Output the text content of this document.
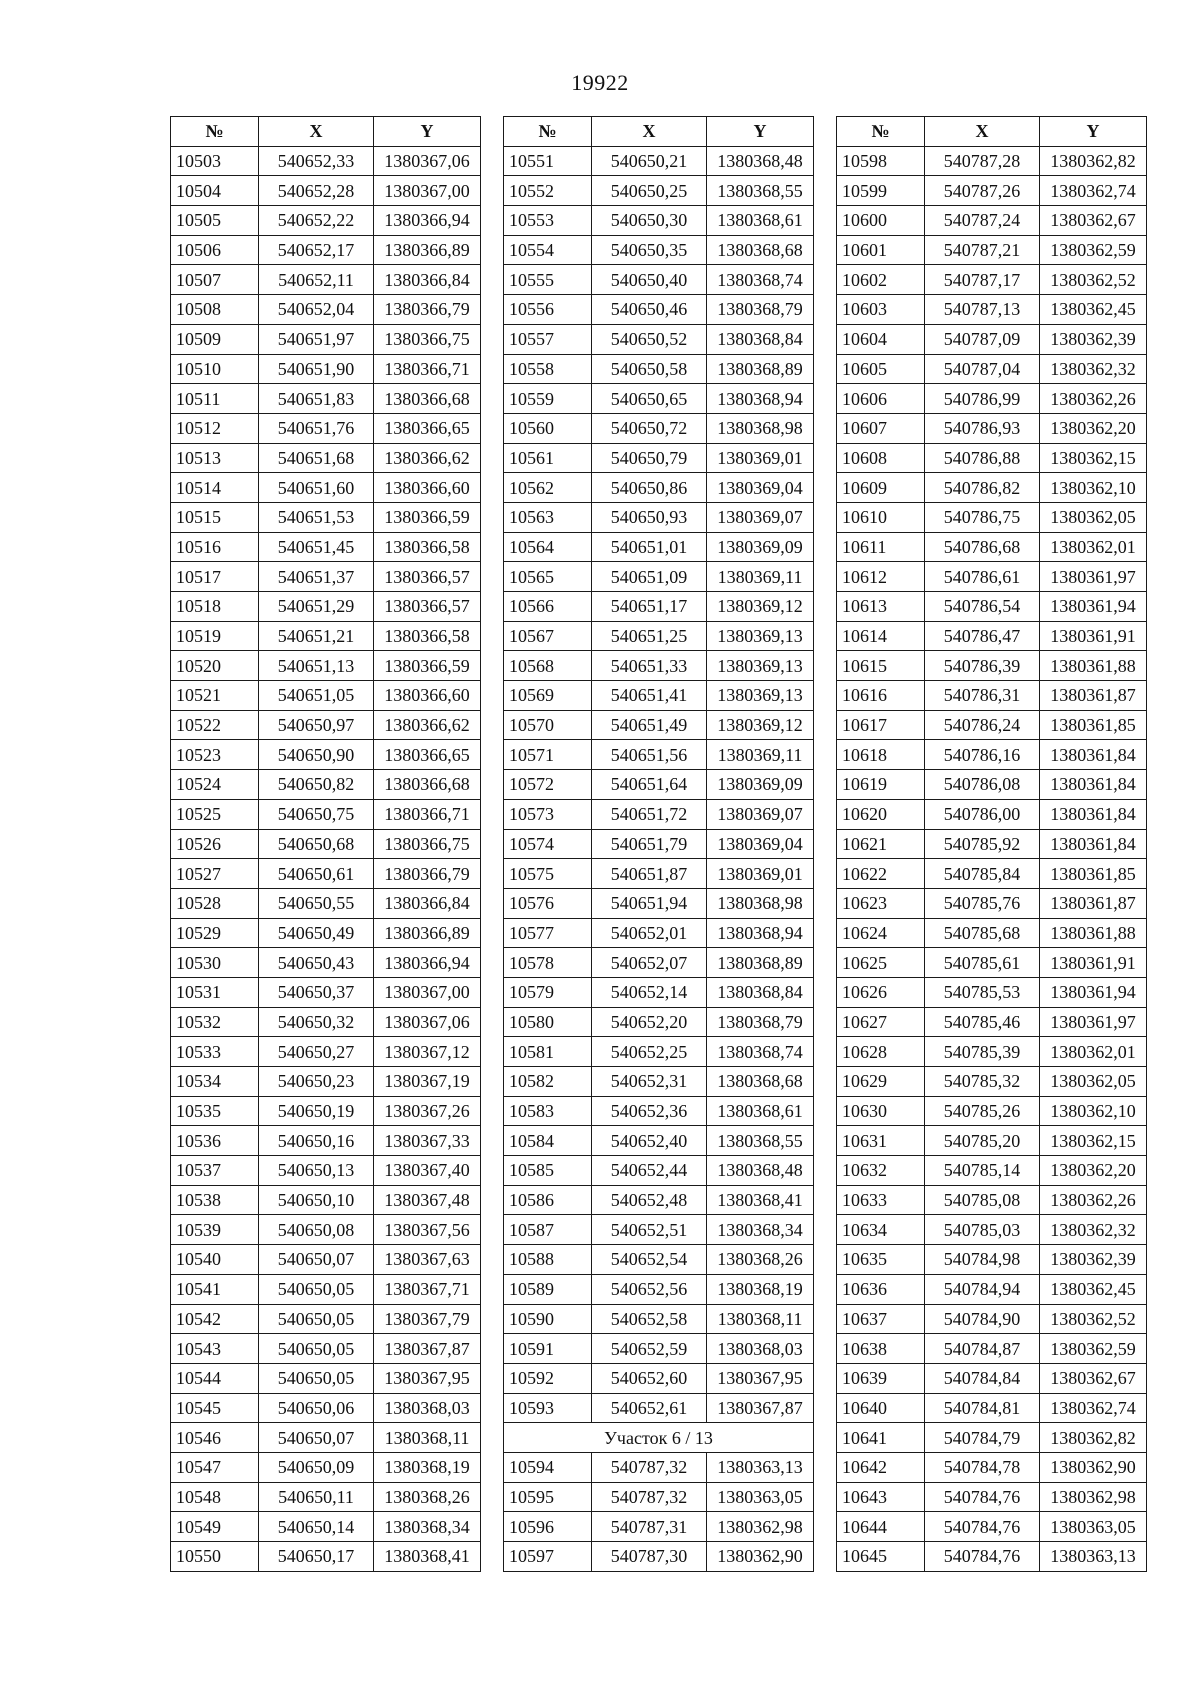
19922
№	X	Y
10503	540652,33	1380367,06
10504	540652,28	1380367,00
10505	540652,22	1380366,94
10506	540652,17	1380366,89
10507	540652,11	1380366,84
10508	540652,04	1380366,79
10509	540651,97	1380366,75
10510	540651,90	1380366,71
10511	540651,83	1380366,68
10512	540651,76	1380366,65
10513	540651,68	1380366,62
10514	540651,60	1380366,60
10515	540651,53	1380366,59
10516	540651,45	1380366,58
10517	540651,37	1380366,57
10518	540651,29	1380366,57
10519	540651,21	1380366,58
10520	540651,13	1380366,59
10521	540651,05	1380366,60
10522	540650,97	1380366,62
10523	540650,90	1380366,65
10524	540650,82	1380366,68
10525	540650,75	1380366,71
10526	540650,68	1380366,75
10527	540650,61	1380366,79
10528	540650,55	1380366,84
10529	540650,49	1380366,89
10530	540650,43	1380366,94
10531	540650,37	1380367,00
10532	540650,32	1380367,06
10533	540650,27	1380367,12
10534	540650,23	1380367,19
10535	540650,19	1380367,26
10536	540650,16	1380367,33
10537	540650,13	1380367,40
10538	540650,10	1380367,48
10539	540650,08	1380367,56
10540	540650,07	1380367,63
10541	540650,05	1380367,71
10542	540650,05	1380367,79
10543	540650,05	1380367,87
10544	540650,05	1380367,95
10545	540650,06	1380368,03
10546	540650,07	1380368,11
10547	540650,09	1380368,19
10548	540650,11	1380368,26
10549	540650,14	1380368,34
10550	540650,17	1380368,41
№	X	Y
10551	540650,21	1380368,48
10552	540650,25	1380368,55
10553	540650,30	1380368,61
10554	540650,35	1380368,68
10555	540650,40	1380368,74
10556	540650,46	1380368,79
10557	540650,52	1380368,84
10558	540650,58	1380368,89
10559	540650,65	1380368,94
10560	540650,72	1380368,98
10561	540650,79	1380369,01
10562	540650,86	1380369,04
10563	540650,93	1380369,07
10564	540651,01	1380369,09
10565	540651,09	1380369,11
10566	540651,17	1380369,12
10567	540651,25	1380369,13
10568	540651,33	1380369,13
10569	540651,41	1380369,13
10570	540651,49	1380369,12
10571	540651,56	1380369,11
10572	540651,64	1380369,09
10573	540651,72	1380369,07
10574	540651,79	1380369,04
10575	540651,87	1380369,01
10576	540651,94	1380368,98
10577	540652,01	1380368,94
10578	540652,07	1380368,89
10579	540652,14	1380368,84
10580	540652,20	1380368,79
10581	540652,25	1380368,74
10582	540652,31	1380368,68
10583	540652,36	1380368,61
10584	540652,40	1380368,55
10585	540652,44	1380368,48
10586	540652,48	1380368,41
10587	540652,51	1380368,34
10588	540652,54	1380368,26
10589	540652,56	1380368,19
10590	540652,58	1380368,11
10591	540652,59	1380368,03
10592	540652,60	1380367,95
10593	540652,61	1380367,87
Участок 6 / 13		
10594	540787,32	1380363,13
10595	540787,32	1380363,05
10596	540787,31	1380362,98
10597	540787,30	1380362,90
№	X	Y
10598	540787,28	1380362,82
10599	540787,26	1380362,74
10600	540787,24	1380362,67
10601	540787,21	1380362,59
10602	540787,17	1380362,52
10603	540787,13	1380362,45
10604	540787,09	1380362,39
10605	540787,04	1380362,32
10606	540786,99	1380362,26
10607	540786,93	1380362,20
10608	540786,88	1380362,15
10609	540786,82	1380362,10
10610	540786,75	1380362,05
10611	540786,68	1380362,01
10612	540786,61	1380361,97
10613	540786,54	1380361,94
10614	540786,47	1380361,91
10615	540786,39	1380361,88
10616	540786,31	1380361,87
10617	540786,24	1380361,85
10618	540786,16	1380361,84
10619	540786,08	1380361,84
10620	540786,00	1380361,84
10621	540785,92	1380361,84
10622	540785,84	1380361,85
10623	540785,76	1380361,87
10624	540785,68	1380361,88
10625	540785,61	1380361,91
10626	540785,53	1380361,94
10627	540785,46	1380361,97
10628	540785,39	1380362,01
10629	540785,32	1380362,05
10630	540785,26	1380362,10
10631	540785,20	1380362,15
10632	540785,14	1380362,20
10633	540785,08	1380362,26
10634	540785,03	1380362,32
10635	540784,98	1380362,39
10636	540784,94	1380362,45
10637	540784,90	1380362,52
10638	540784,87	1380362,59
10639	540784,84	1380362,67
10640	540784,81	1380362,74
10641	540784,79	1380362,82
10642	540784,78	1380362,90
10643	540784,76	1380362,98
10644	540784,76	1380363,05
10645	540784,76	1380363,13
